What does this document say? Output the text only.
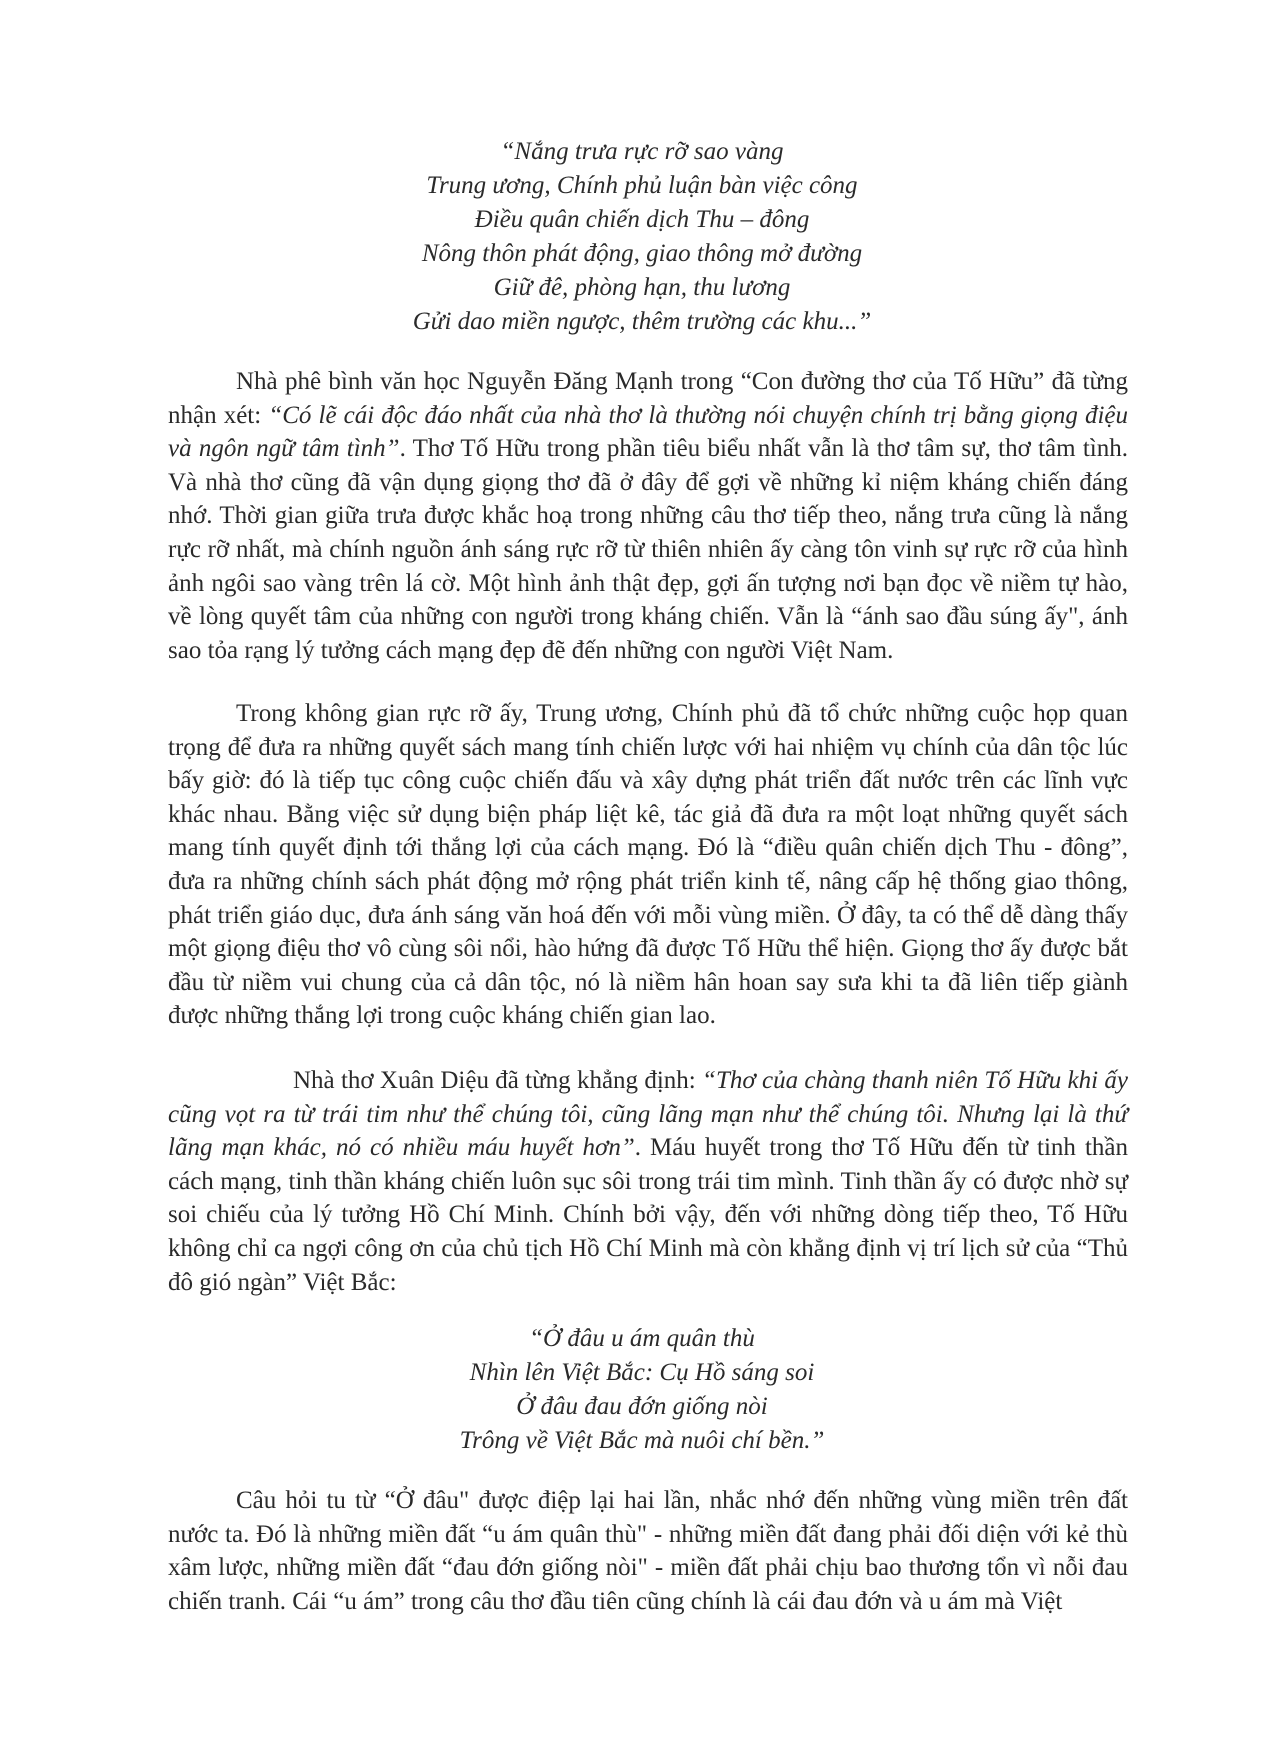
“Nắng trưa rực rỡ sao vàng
Trung ương, Chính phủ luận bàn việc công
Điều quân chiến dịch Thu – đông
Nông thôn phát động, giao thông mở đường
Giữ đê, phòng hạn, thu lương
Gửi dao miền ngược, thêm trường các khu...”

Nhà phê bình văn học Nguyễn Đăng Mạnh trong “Con đường thơ của Tố Hữu” đã từng nhận xét: “Có lẽ cái độc đáo nhất của nhà thơ là thường nói chuyện chính trị bằng giọng điệu và ngôn ngữ tâm tình”. Thơ Tố Hữu trong phần tiêu biểu nhất vẫn là thơ tâm sự, thơ tâm tình. Và nhà thơ cũng đã vận dụng giọng thơ đã ở đây để gợi về những kỉ niệm kháng chiến đáng nhớ. Thời gian giữa trưa được khắc hoạ trong những câu thơ tiếp theo, nắng trưa cũng là nắng rực rỡ nhất, mà chính nguồn ánh sáng rực rỡ từ thiên nhiên ấy càng tôn vinh sự rực rỡ của hình ảnh ngôi sao vàng trên lá cờ. Một hình ảnh thật đẹp, gợi ấn tượng nơi bạn đọc về niềm tự hào, về lòng quyết tâm của những con người trong kháng chiến. Vẫn là “ánh sao đầu súng ấy", ánh sao tỏa rạng lý tưởng cách mạng đẹp đẽ đến những con người Việt Nam.

Trong không gian rực rỡ ấy, Trung ương, Chính phủ đã tổ chức những cuộc họp quan trọng để đưa ra những quyết sách mang tính chiến lược với hai nhiệm vụ chính của dân tộc lúc bấy giờ: đó là tiếp tục công cuộc chiến đấu và xây dựng phát triển đất nước trên các lĩnh vực khác nhau. Bằng việc sử dụng biện pháp liệt kê, tác giả đã đưa ra một loạt những quyết sách mang tính quyết định tới thắng lợi của cách mạng. Đó là “điều quân chiến dịch Thu - đông”, đưa ra những chính sách phát động mở rộng phát triển kinh tế, nâng cấp hệ thống giao thông, phát triển giáo dục, đưa ánh sáng văn hoá đến với mỗi vùng miền. Ở đây, ta có thể dễ dàng thấy một giọng điệu thơ vô cùng sôi nổi, hào hứng đã được Tố Hữu thể hiện. Giọng thơ ấy được bắt đầu từ niềm vui chung của cả dân tộc, nó là niềm hân hoan say sưa khi ta đã liên tiếp giành được những thắng lợi trong cuộc kháng chiến gian lao.

Nhà thơ Xuân Diệu đã từng khẳng định: “Thơ của chàng thanh niên Tố Hữu khi ấy cũng vọt ra từ trái tim như thể chúng tôi, cũng lãng mạn như thể chúng tôi. Nhưng lại là thứ lãng mạn khác, nó có nhiều máu huyết hơn”. Máu huyết trong thơ Tố Hữu đến từ tinh thần cách mạng, tinh thần kháng chiến luôn sục sôi trong trái tim mình. Tinh thần ấy có được nhờ sự soi chiếu của lý tưởng Hồ Chí Minh. Chính bởi vậy, đến với những dòng tiếp theo, Tố Hữu không chỉ ca ngợi công ơn của chủ tịch Hồ Chí Minh mà còn khẳng định vị trí lịch sử của “Thủ đô gió ngàn” Việt Bắc:

“Ở đâu u ám quân thù
Nhìn lên Việt Bắc: Cụ Hồ sáng soi
Ở đâu đau đớn giống nòi
Trông về Việt Bắc mà nuôi chí bền.”

Câu hỏi tu từ “Ở đâu" được điệp lại hai lần, nhắc nhớ đến những vùng miền trên đất nước ta. Đó là những miền đất “u ám quân thù" - những miền đất đang phải đối diện với kẻ thù xâm lược, những miền đất “đau đớn giống nòi" - miền đất phải chịu bao thương tổn vì nỗi đau chiến tranh. Cái “u ám” trong câu thơ đầu tiên cũng chính là cái đau đớn và u ám mà Việt
